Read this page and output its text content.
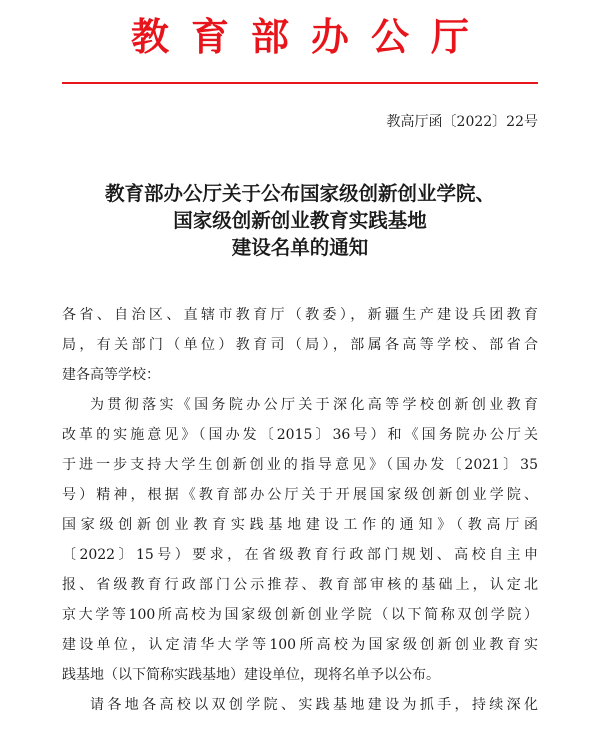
教育部办公厅
教高厅函〔2022〕22号
教育部办公厅关于公布国家级创新创业学院、
国家级创新创业教育实践基地
建设名单的通知
各省、自治区、直辖市教育厅（教委），新疆生产建设兵团教育
局，有关部门（单位）教育司（局），部属各高等学校、部省合
建各高等学校：
为贯彻落实《国务院办公厅关于深化高等学校创新创业教育
改革的实施意见》（国办发〔2015〕36号）和《国务院办公厅关
于进一步支持大学生创新创业的指导意见》（国办发〔2021〕35
号）精神，根据《教育部办公厅关于开展国家级创新创业学院、
国家级创新创业教育实践基地建设工作的通知》（教高厅函
〔2022〕15号）要求，在省级教育行政部门规划、高校自主申
报、省级教育行政部门公示推荐、教育部审核的基础上，认定北
京大学等100所高校为国家级创新创业学院（以下简称双创学院）
建设单位，认定清华大学等100所高校为国家级创新创业教育实
践基地（以下简称实践基地）建设单位，现将名单予以公布。
请各地各高校以双创学院、实践基地建设为抓手，持续深化
